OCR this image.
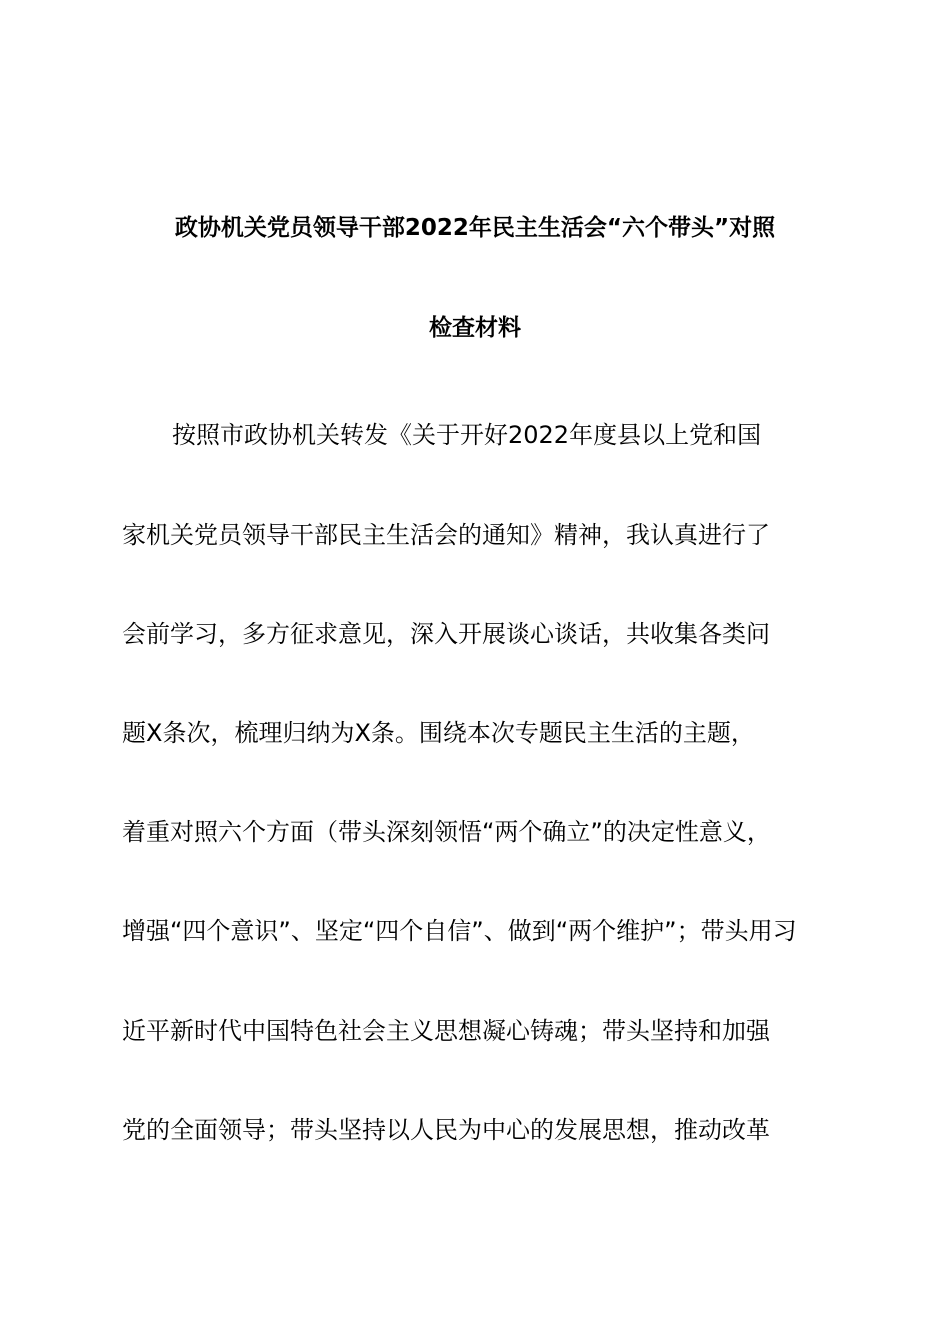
政协机关党员领导干部2022年民主生活会“六个带头”对照
检查材料
按照市政协机关转发《关于开好2022年度县以上党和国
家机关党员领导干部民主生活会的通知》精神，我认真进行了
会前学习，多方征求意见，深入开展谈心谈话，共收集各类问
题X条次，梳理归纳为X条。围绕本次专题民主生活的主题，
着重对照六个方面（带头深刻领悟“两个确立”的决定性意义，
增强“四个意识”、坚定“四个自信”、做到“两个维护”；带头用习
近平新时代中国特色社会主义思想凝心铸魂；带头坚持和加强
党的全面领导；带头坚持以人民为中心的发展思想，推动改革
